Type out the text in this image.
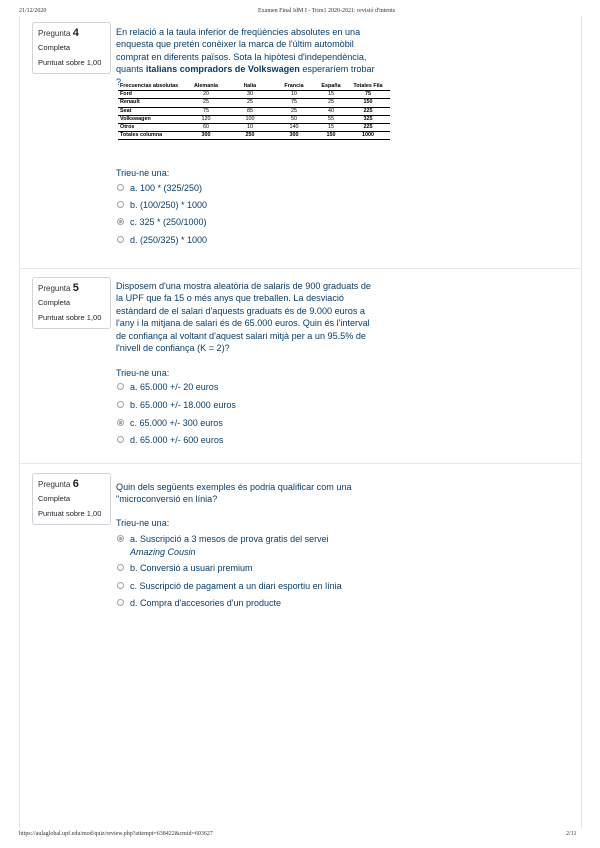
21/12/2020	Examen Final IdM I - Trim1 2020-2021: revisió d'intents
Pregunta 4
Completa
Puntuat sobre 1,00
En relació a la taula inferior de freqüències absolutes en una enquesta que pretén conèixer la marca de l'últim automòbil comprat en diferents països. Sota la hipòtesi d'independència, quants italians compradors de Volkswagen esperaríem trobar ?
Frecuencias absolutas	Alemania	Italia	Francia	España	Totales Fila
Ford	20	30	10	15	75
Renault	25	25	75	25	150
Seat	75	85	25	40	225
Volkswagen	120	100	50	55	325
Otros	60	10	140	15	225
Totales columna	300	250	300	150	1000
Trieu-ne una:
a. 100 * (325/250)
b. (100/250) * 1000
c. 325 * (250/1000)
d. (250/325) * 1000
Pregunta 5
Completa
Puntuat sobre 1,00
Disposem d'una mostra aleatòria de salaris de 900 graduats de la UPF que fa 15 o més anys que treballen. La desviació estàndard de el salari d'aquests graduats és de 9.000 euros a l'any i la mitjana de salari és de 65.000 euros. Quin és l'interval de confiança al voltant d'aquest salari mitjà per a un 95.5% de l'nivell de confiança (K = 2)?
Trieu-ne una:
a. 65.000 +/- 20 euros
b. 65.000 +/- 18.000 euros
c. 65.000 +/- 300 euros
d. 65.000 +/- 600 euros
Pregunta 6
Completa
Puntuat sobre 1,00
Quin dels següents exemples és podria qualificar com una "microconversió en línia?
Trieu-ne una:
a. Suscripció a 3 mesos de prova gratis del servei Amazing Cousin
b. Conversió a usuari premium
c. Suscripció de pagament a un diari esportiu en línia
d. Compra d'accesories d'un producte
https://aulaglobal.upf.edu/mod/quiz/review.php?attempt=638422&cmid=603627	2/11
